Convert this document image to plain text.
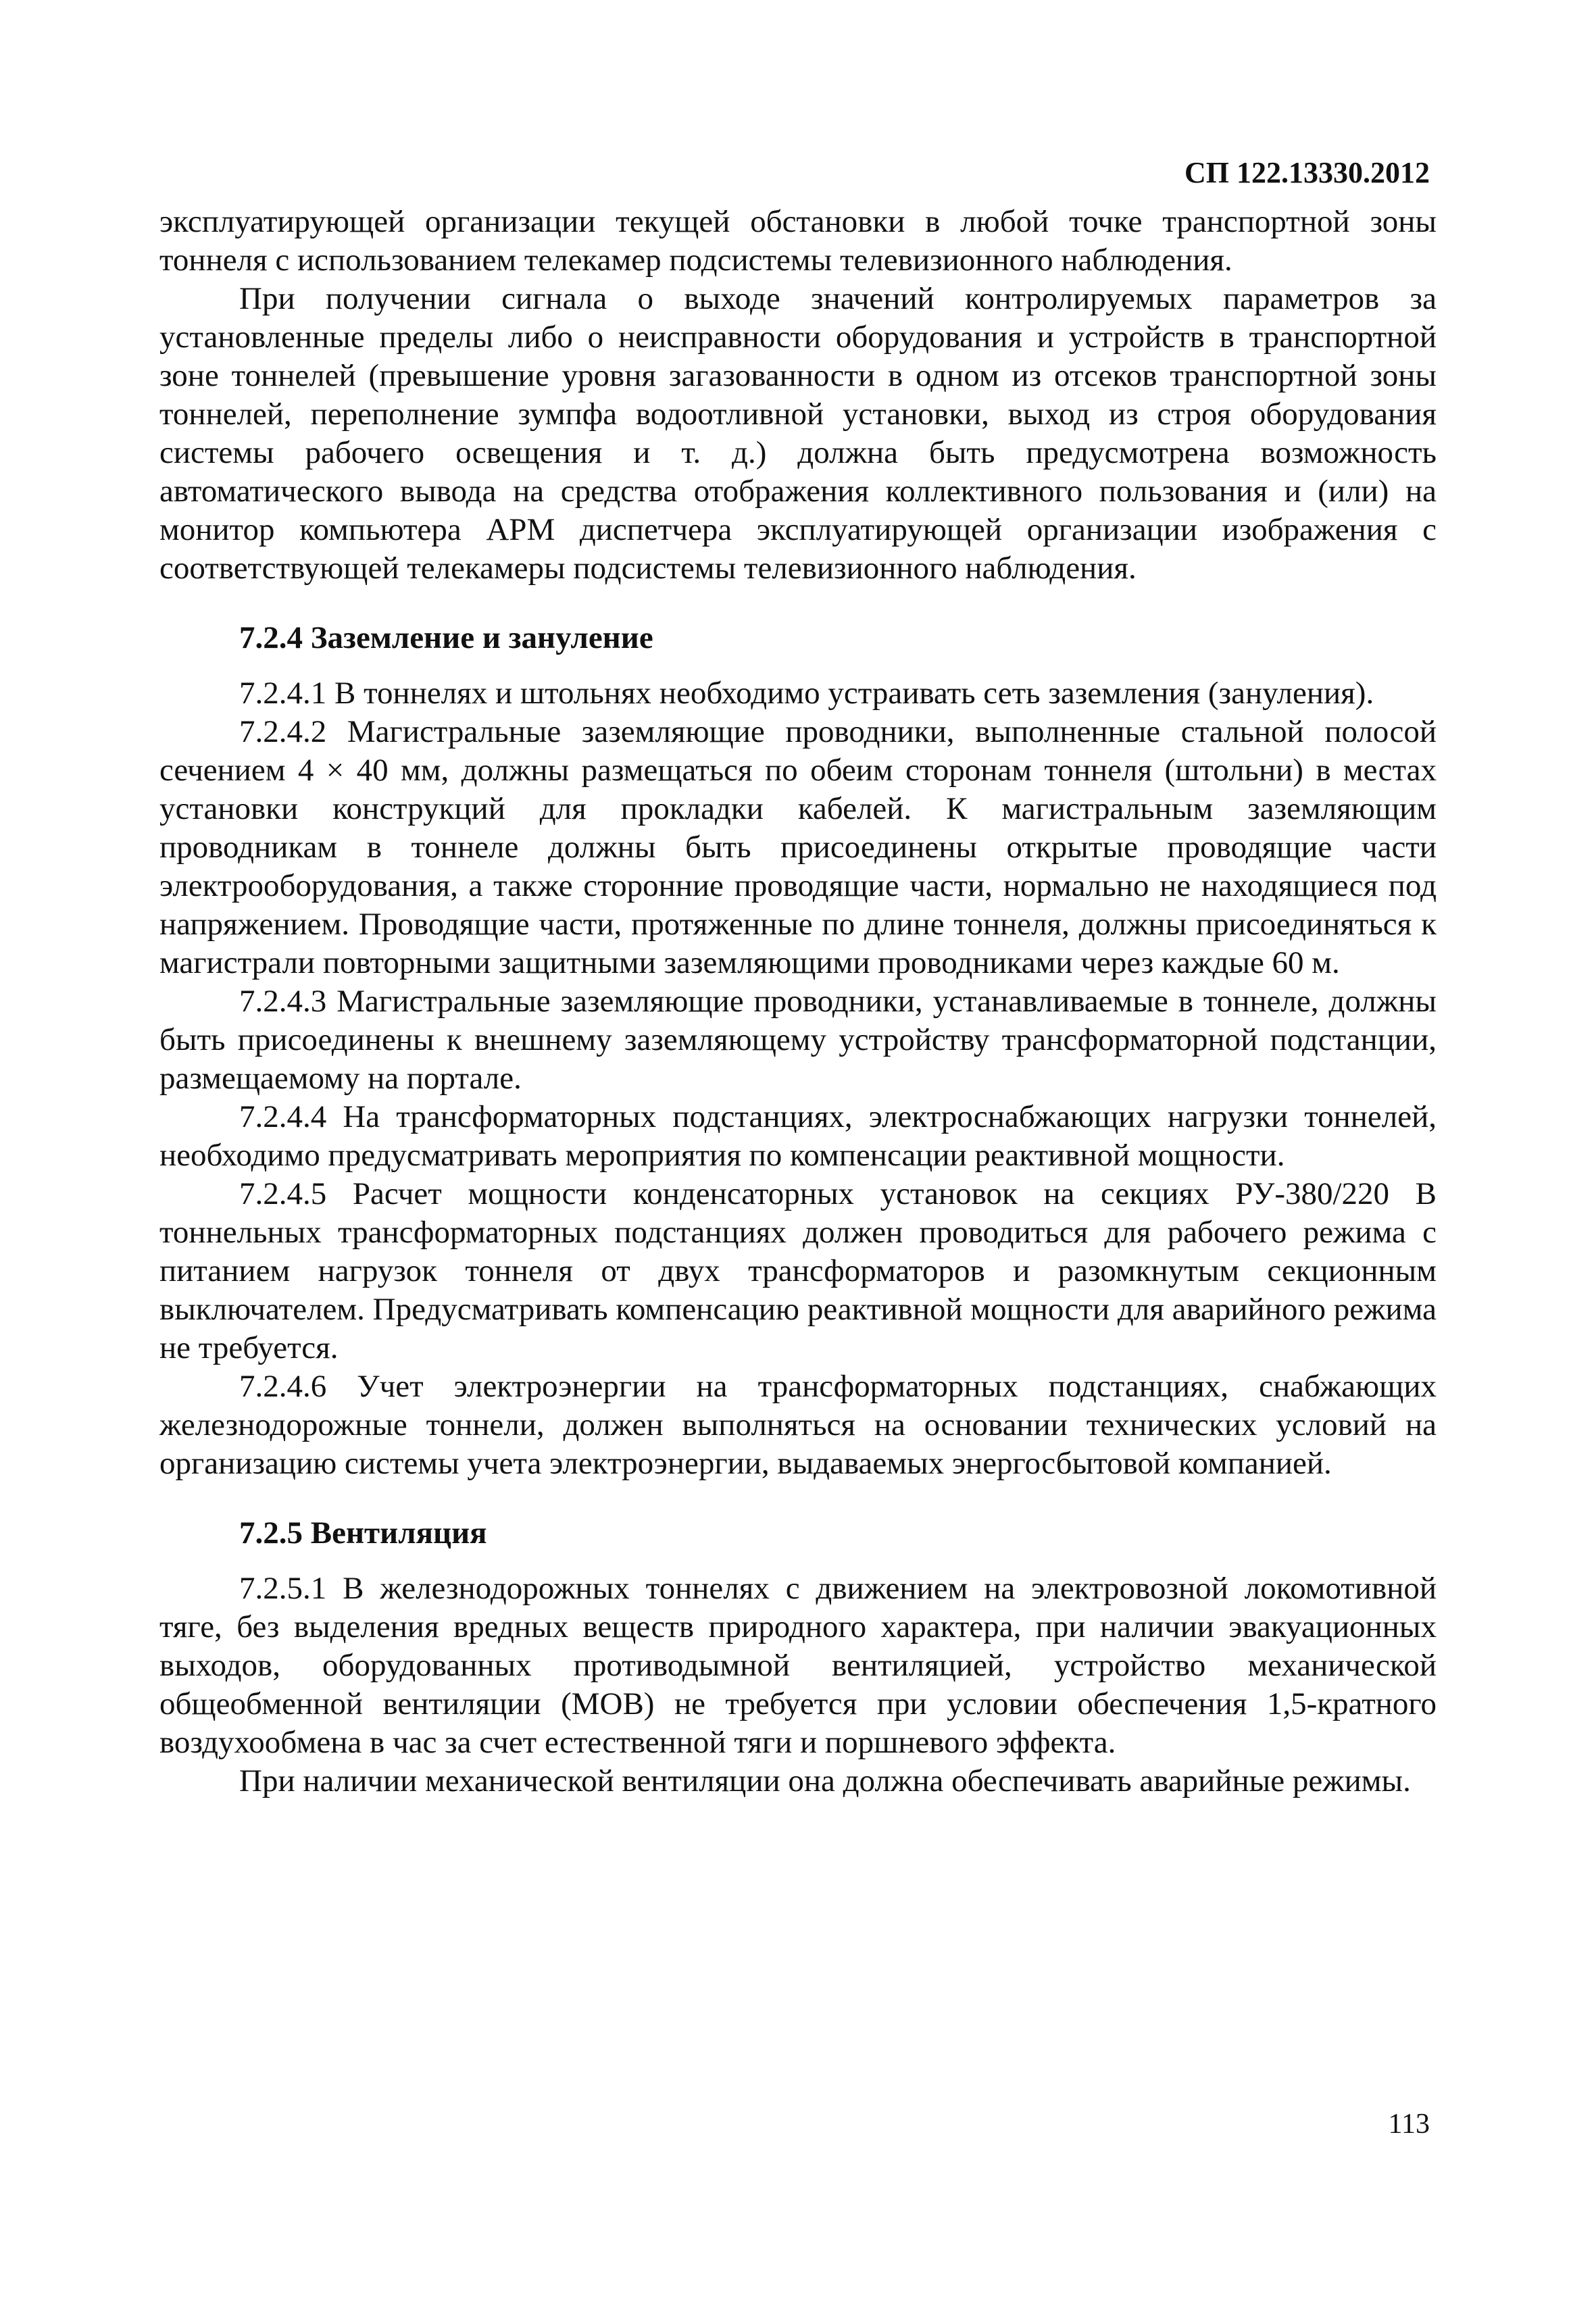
СП 122.13330.2012

эксплуатирующей организации текущей обстановки в любой точке транспортной зоны тоннеля с использованием телекамер подсистемы телевизионного наблюдения.

При получении сигнала о выходе значений контролируемых параметров за установленные пределы либо о неисправности оборудования и устройств в транспортной зоне тоннелей (превышение уровня загазованности в одном из отсеков транспортной зоны тоннелей, переполнение зумпфа водоотливной установки, выход из строя оборудования системы рабочего освещения и т. д.) должна быть предусмотрена возможность автоматического вывода на средства отображения коллективного пользования и (или) на монитор компьютера АРМ диспетчера эксплуатирующей организации изображения с соответствующей телекамеры подсистемы телевизионного наблюдения.

7.2.4 Заземление и зануление

7.2.4.1 В тоннелях и штольнях необходимо устраивать сеть заземления (зануления).

7.2.4.2 Магистральные заземляющие проводники, выполненные стальной полосой сечением 4 × 40 мм, должны размещаться по обеим сторонам тоннеля (штольни) в местах установки конструкций для прокладки кабелей. К магистральным заземляющим проводникам в тоннеле должны быть присоединены открытые проводящие части электрооборудования, а также сторонние проводящие части, нормально не находящиеся под напряжением. Проводящие части, протяженные по длине тоннеля, должны присоединяться к магистрали повторными защитными заземляющими проводниками через каждые 60 м.

7.2.4.3 Магистральные заземляющие проводники, устанавливаемые в тоннеле, должны быть присоединены к внешнему заземляющему устройству трансформаторной подстанции, размещаемому на портале.

7.2.4.4 На трансформаторных подстанциях, электроснабжающих нагрузки тоннелей, необходимо предусматривать мероприятия по компенсации реактивной мощности.

7.2.4.5 Расчет мощности конденсаторных установок на секциях РУ-380/220 В тоннельных трансформаторных подстанциях должен проводиться для рабочего режима с питанием нагрузок тоннеля от двух трансформаторов и разомкнутым секционным выключателем. Предусматривать компенсацию реактивной мощности для аварийного режима не требуется.

7.2.4.6 Учет электроэнергии на трансформаторных подстанциях, снабжающих железнодорожные тоннели, должен выполняться на основании технических условий на организацию системы учета электроэнергии, выдаваемых энергосбытовой компанией.

7.2.5 Вентиляция

7.2.5.1 В железнодорожных тоннелях с движением на электровозной локомотивной тяге, без выделения вредных веществ природного характера, при наличии эвакуационных выходов, оборудованных противодымной вентиляцией, устройство механической общеобменной вентиляции (МОВ) не требуется при условии обеспечения 1,5-кратного воздухообмена в час за счет естественной тяги и поршневого эффекта.

При наличии механической вентиляции она должна обеспечивать аварийные режимы.

113
